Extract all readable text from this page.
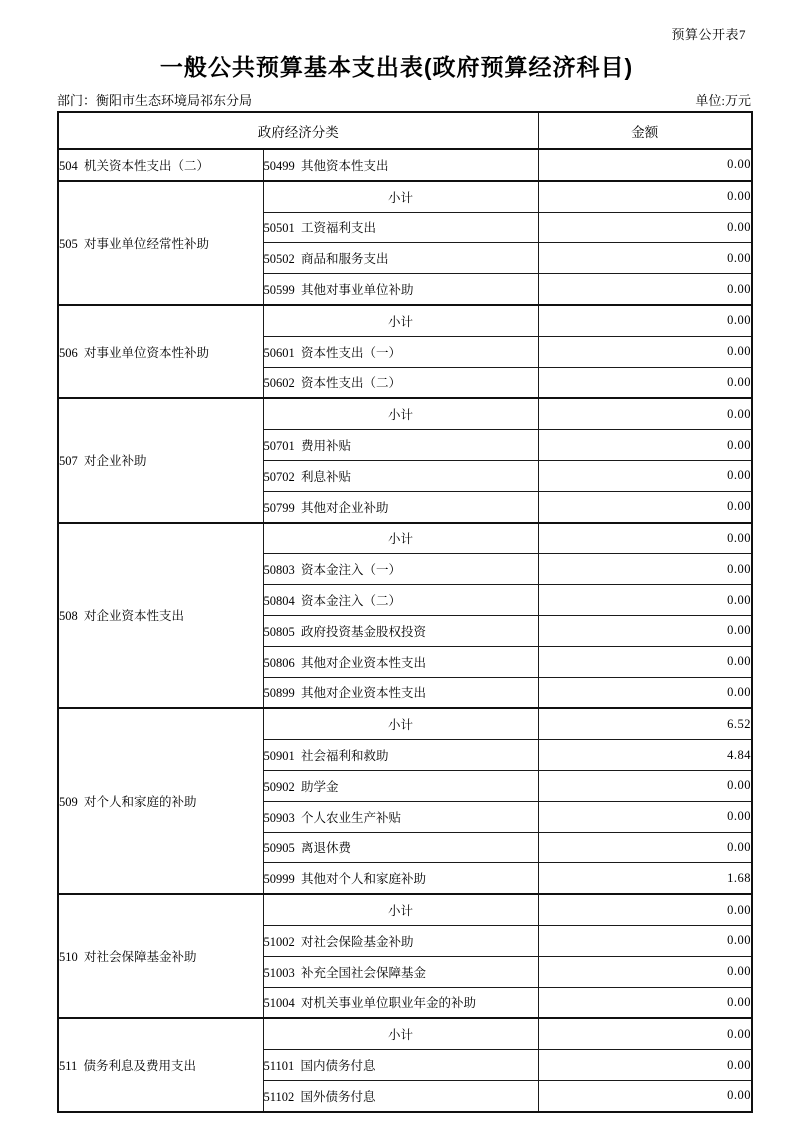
预算公开表7
一般公共预算基本支出表(政府预算经济科目)
部门：衡阳市生态环境局祁东分局	单位:万元
政府经济分类		金额
504  机关资本性支出（二）	50499  其他资本性支出	0.00
505  对事业单位经常性补助	小计	0.00
	50501  工资福利支出	0.00
	50502  商品和服务支出	0.00
	50599  其他对事业单位补助	0.00
506  对事业单位资本性补助	小计	0.00
	50601  资本性支出（一）	0.00
	50602  资本性支出（二）	0.00
507  对企业补助	小计	0.00
	50701  费用补贴	0.00
	50702  利息补贴	0.00
	50799  其他对企业补助	0.00
508  对企业资本性支出	小计	0.00
	50803  资本金注入（一）	0.00
	50804  资本金注入（二）	0.00
	50805  政府投资基金股权投资	0.00
	50806  其他对企业资本性支出	0.00
	50899  其他对企业资本性支出	0.00
509  对个人和家庭的补助	小计	6.52
	50901  社会福利和救助	4.84
	50902  助学金	0.00
	50903  个人农业生产补贴	0.00
	50905  离退休费	0.00
	50999  其他对个人和家庭补助	1.68
510  对社会保障基金补助	小计	0.00
	51002  对社会保险基金补助	0.00
	51003  补充全国社会保障基金	0.00
	51004  对机关事业单位职业年金的补助	0.00
511  债务利息及费用支出	小计	0.00
	51101  国内债务付息	0.00
	51102  国外债务付息	0.00
